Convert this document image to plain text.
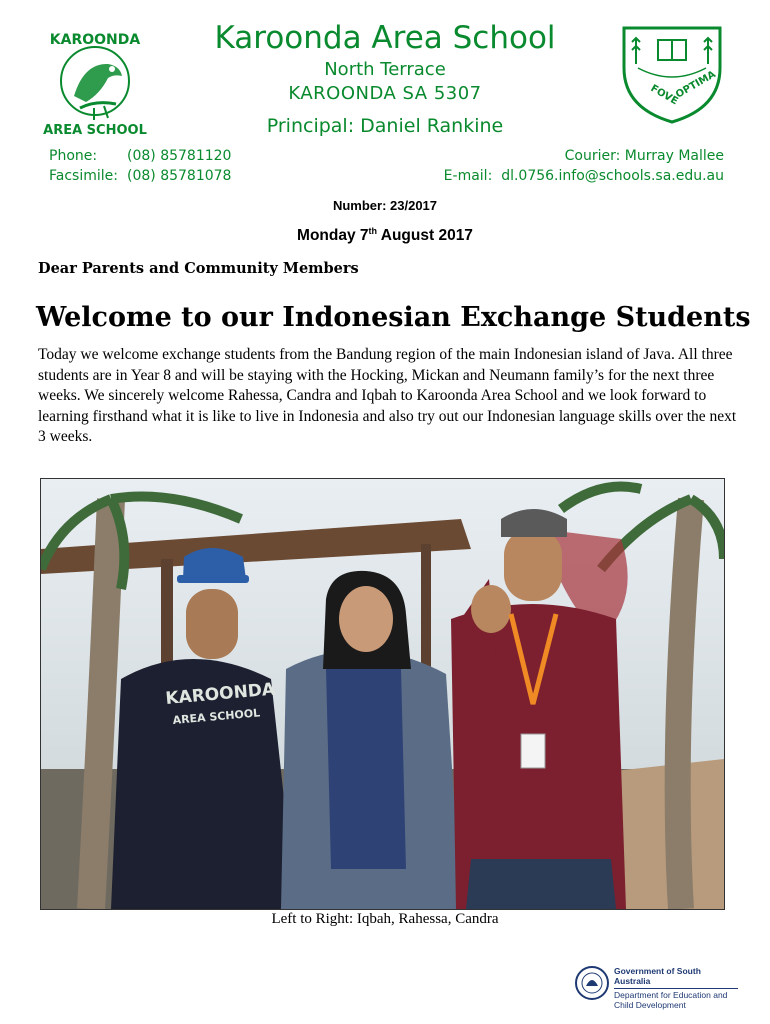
KAROONDA
AREA SCHOOL
FOVE
OPTIMA
Karoonda Area School
North Terrace
KAROONDA SA 5307
Principal: Daniel Rankine
Phone: (08) 85781120
Facsimile: (08) 85781078
Courier: Murray Mallee
E-mail: dl.0756.info@schools.sa.edu.au
Number: 23/2017
Monday 7th August 2017
Dear Parents and Community Members
Welcome to our Indonesian Exchange Students
Today we welcome exchange students from the Bandung region of the main Indonesian island of Java. All three students are in Year 8 and will be staying with the Hocking, Mickan and Neumann family’s for the next three weeks. We sincerely welcome Rahessa, Candra and Iqbah to Karoonda Area School and we look forward to learning firsthand what it is like to live in Indonesia and also try out our Indonesian language skills over the next 3 weeks.
KAROONDA
AREA SCHOOL
Left to Right: Iqbah, Rahessa, Candra
Government of South Australia
Department for Education and
Child Development
